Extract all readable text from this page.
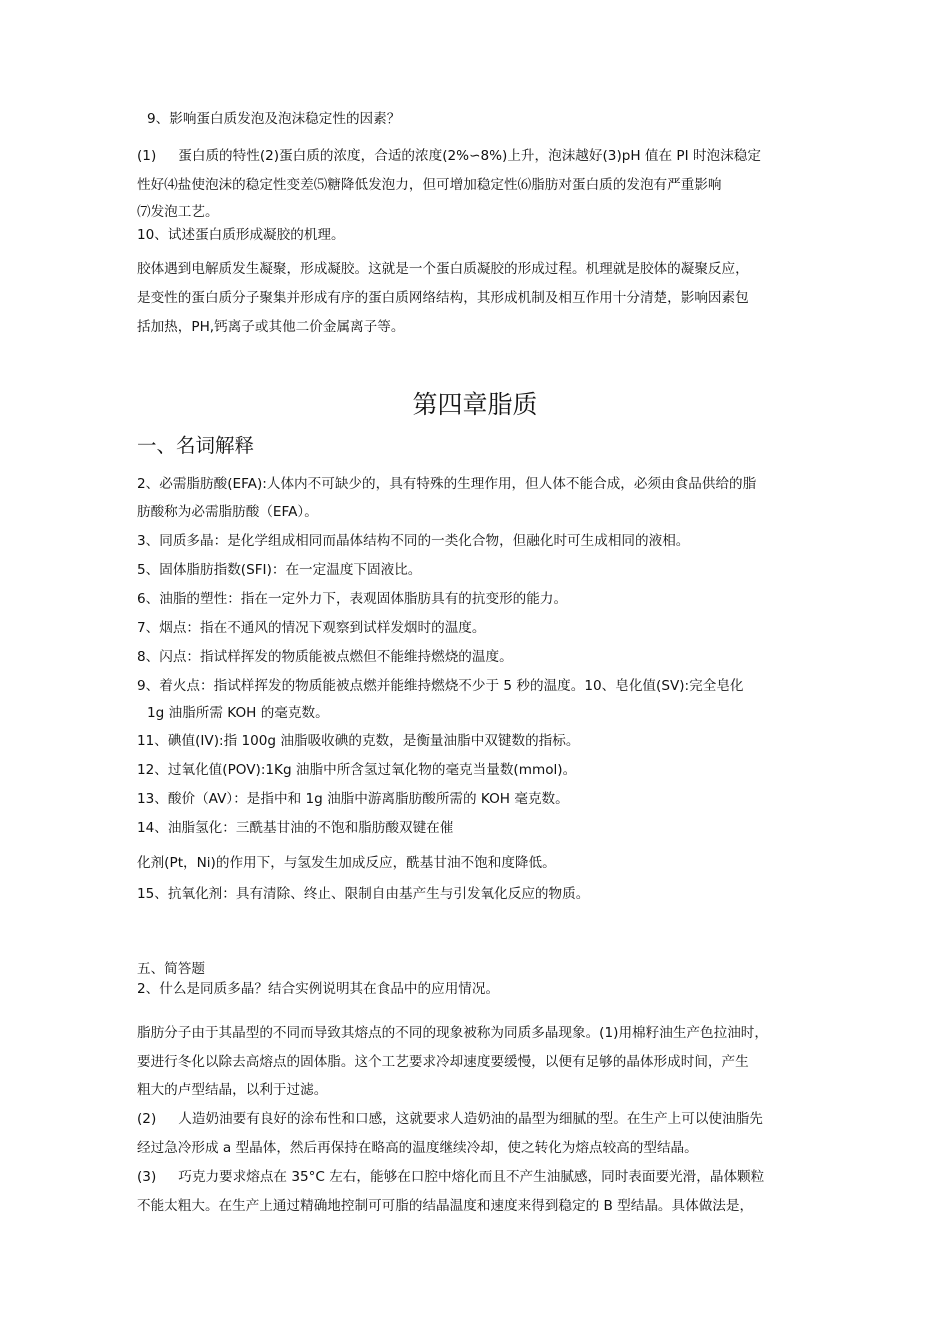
9、影响蛋白质发泡及泡沫稳定性的因素？
(1) 蛋白质的特性(2)蛋白质的浓度，合适的浓度(2%∽8%)上升，泡沫越好(3)pH 值在 PI 时泡沫稳定
性好⑷盐使泡沫的稳定性变差⑸糖降低发泡力，但可增加稳定性⑹脂肪对蛋白质的发泡有严重影响
⑺发泡工艺。
10、试述蛋白质形成凝胶的机理。
胶体遇到电解质发生凝聚，形成凝胶。这就是一个蛋白质凝胶的形成过程。机理就是胶体的凝聚反应，
是变性的蛋白质分子聚集并形成有序的蛋白质网络结构，其形成机制及相互作用十分清楚，影响因素包
括加热，PH,钙离子或其他二价金属离子等。
第四章脂质
一、名词解释
2、必需脂肪酸(EFA):人体内不可缺少的，具有特殊的生理作用，但人体不能合成，必须由食品供给的脂
肪酸称为必需脂肪酸（EFA）。
3、同质多晶：是化学组成相同而晶体结构不同的一类化合物，但融化时可生成相同的液相。
5、固体脂肪指数(SFI)：在一定温度下固液比。
6、油脂的塑性：指在一定外力下，表观固体脂肪具有的抗变形的能力。
7、烟点：指在不通风的情况下观察到试样发烟时的温度。
8、闪点：指试样挥发的物质能被点燃但不能维持燃烧的温度。
9、着火点：指试样挥发的物质能被点燃并能维持燃烧不少于 5 秒的温度。10、皂化值(SV):完全皂化
1g 油脂所需 KOH 的毫克数。
11、碘值(IV):指 100g 油脂吸收碘的克数，是衡量油脂中双键数的指标。
12、过氧化值(POV):1Kg 油脂中所含氢过氧化物的毫克当量数(mmol)。
13、酸价（AV）：是指中和 1g 油脂中游离脂肪酸所需的 KOH 毫克数。
14、油脂氢化：三酰基甘油的不饱和脂肪酸双键在催
化剂(Pt，Ni)的作用下，与氢发生加成反应，酰基甘油不饱和度降低。
15、抗氧化剂：具有清除、终止、限制自由基产生与引发氧化反应的物质。
五、简答题
2、什么是同质多晶？结合实例说明其在食品中的应用情况。
脂肪分子由于其晶型的不同而导致其熔点的不同的现象被称为同质多晶现象。(1)用棉籽油生产色拉油时，
要进行冬化以除去高熔点的固体脂。这个工艺要求冷却速度要缓慢，以便有足够的晶体形成时间，产生
粗大的卢型结晶，以利于过滤。
(2) 人造奶油要有良好的涂布性和口感，这就要求人造奶油的晶型为细腻的型。在生产上可以使油脂先
经过急冷形成 a 型晶体，然后再保持在略高的温度继续冷却，使之转化为熔点较高的型结晶。
(3) 巧克力要求熔点在 35°C 左右，能够在口腔中熔化而且不产生油腻感，同时表面要光滑，晶体颗粒
不能太粗大。在生产上通过精确地控制可可脂的结晶温度和速度来得到稳定的 B 型结晶。具体做法是，
